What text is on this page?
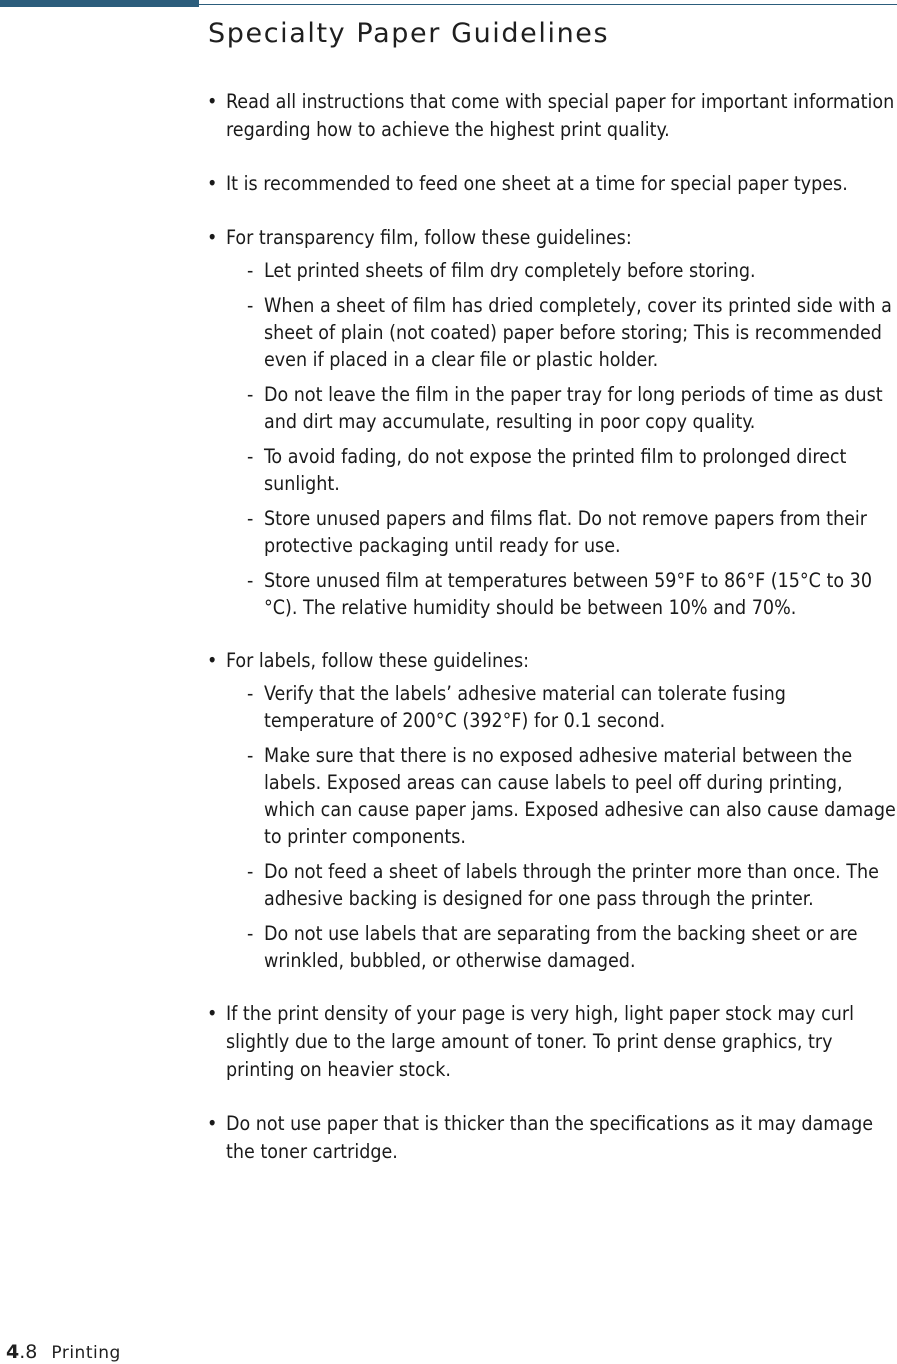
Specialty Paper Guidelines
• Read all instructions that come with special paper for important information regarding how to achieve the highest print quality.
• It is recommended to feed one sheet at a time for special paper types.
• For transparency film, follow these guidelines:
- Let printed sheets of film dry completely before storing.
- When a sheet of film has dried completely, cover its printed side with a sheet of plain (not coated) paper before storing; This is recommended even if placed in a clear file or plastic holder.
- Do not leave the film in the paper tray for long periods of time as dust and dirt may accumulate, resulting in poor copy quality.
- To avoid fading, do not expose the printed film to prolonged direct sunlight.
- Store unused papers and films flat. Do not remove papers from their protective packaging until ready for use.
- Store unused film at temperatures between 59°F to 86°F (15°C to 30 °C). The relative humidity should be between 10% and 70%.
• For labels, follow these guidelines:
- Verify that the labels’ adhesive material can tolerate fusing temperature of 200°C (392°F) for 0.1 second.
- Make sure that there is no exposed adhesive material between the labels. Exposed areas can cause labels to peel off during printing, which can cause paper jams. Exposed adhesive can also cause damage to printer components.
- Do not feed a sheet of labels through the printer more than once. The adhesive backing is designed for one pass through the printer.
- Do not use labels that are separating from the backing sheet or are wrinkled, bubbled, or otherwise damaged.
• If the print density of your page is very high, light paper stock may curl slightly due to the large amount of toner. To print dense graphics, try printing on heavier stock.
• Do not use paper that is thicker than the specifications as it may damage the toner cartridge.
4.8 Printing
